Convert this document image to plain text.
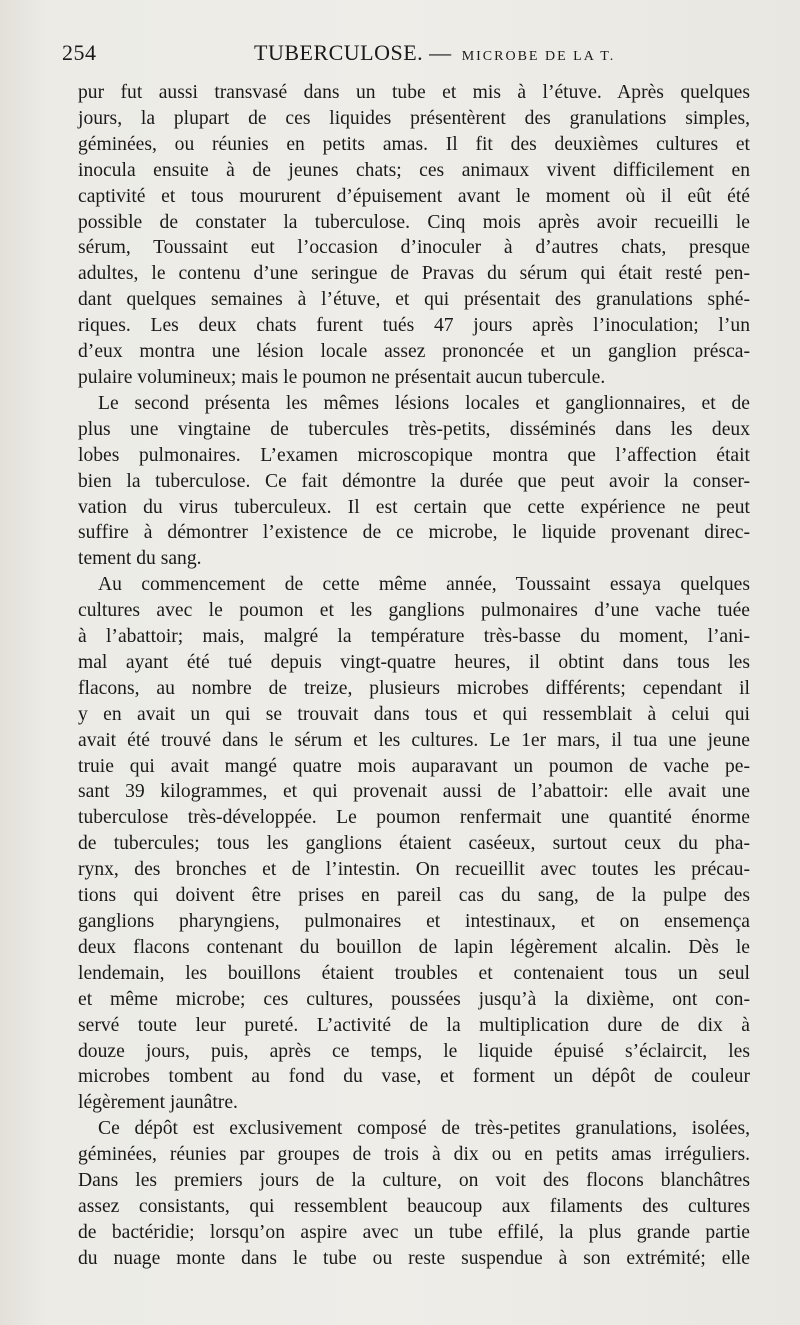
254	TUBERCULOSE. — MICROBE DE LA T.

pur fut aussi transvasé dans un tube et mis à l’étuve. Après quelques
jours, la plupart de ces liquides présentèrent des granulations simples,
géminées, ou réunies en petits amas. Il fit des deuxièmes cultures et
inocula ensuite à de jeunes chats; ces animaux vivent difficilement en
captivité et tous moururent d’épuisement avant le moment où il eût été
possible de constater la tuberculose. Cinq mois après avoir recueilli le
sérum, Toussaint eut l’occasion d’inoculer à d’autres chats, presque
adultes, le contenu d’une seringue de Pravas du sérum qui était resté pen-
dant quelques semaines à l’étuve, et qui présentait des granulations sphé-
riques. Les deux chats furent tués 47 jours après l’inoculation; l’un
d’eux montra une lésion locale assez prononcée et un ganglion présca-
pulaire volumineux; mais le poumon ne présentait aucun tubercule.

Le second présenta les mêmes lésions locales et ganglionnaires, et de
plus une vingtaine de tubercules très-petits, disséminés dans les deux
lobes pulmonaires. L’examen microscopique montra que l’affection était
bien la tuberculose. Ce fait démontre la durée que peut avoir la conser-
vation du virus tuberculeux. Il est certain que cette expérience ne peut
suffire à démontrer l’existence de ce microbe, le liquide provenant direc-
tement du sang.

Au commencement de cette même année, Toussaint essaya quelques
cultures avec le poumon et les ganglions pulmonaires d’une vache tuée
à l’abattoir; mais, malgré la température très-basse du moment, l’ani-
mal ayant été tué depuis vingt-quatre heures, il obtint dans tous les
flacons, au nombre de treize, plusieurs microbes différents; cependant il
y en avait un qui se trouvait dans tous et qui ressemblait à celui qui
avait été trouvé dans le sérum et les cultures. Le 1er mars, il tua une jeune
truie qui avait mangé quatre mois auparavant un poumon de vache pe-
sant 39 kilogrammes, et qui provenait aussi de l’abattoir: elle avait une
tuberculose très-développée. Le poumon renfermait une quantité énorme
de tubercules; tous les ganglions étaient caséeux, surtout ceux du pha-
rynx, des bronches et de l’intestin. On recueillit avec toutes les précau-
tions qui doivent être prises en pareil cas du sang, de la pulpe des
ganglions pharyngiens, pulmonaires et intestinaux, et on ensemença
deux flacons contenant du bouillon de lapin légèrement alcalin. Dès le
lendemain, les bouillons étaient troubles et contenaient tous un seul
et même microbe; ces cultures, poussées jusqu’à la dixième, ont con-
servé toute leur pureté. L’activité de la multiplication dure de dix à
douze jours, puis, après ce temps, le liquide épuisé s’éclaircit, les
microbes tombent au fond du vase, et forment un dépôt de couleur
légèrement jaunâtre.

Ce dépôt est exclusivement composé de très-petites granulations, isolées,
géminées, réunies par groupes de trois à dix ou en petits amas irréguliers.
Dans les premiers jours de la culture, on voit des flocons blanchâtres
assez consistants, qui ressemblent beaucoup aux filaments des cultures
de bactéridie; lorsqu’on aspire avec un tube effilé, la plus grande partie
du nuage monte dans le tube ou reste suspendue à son extrémité; elle
